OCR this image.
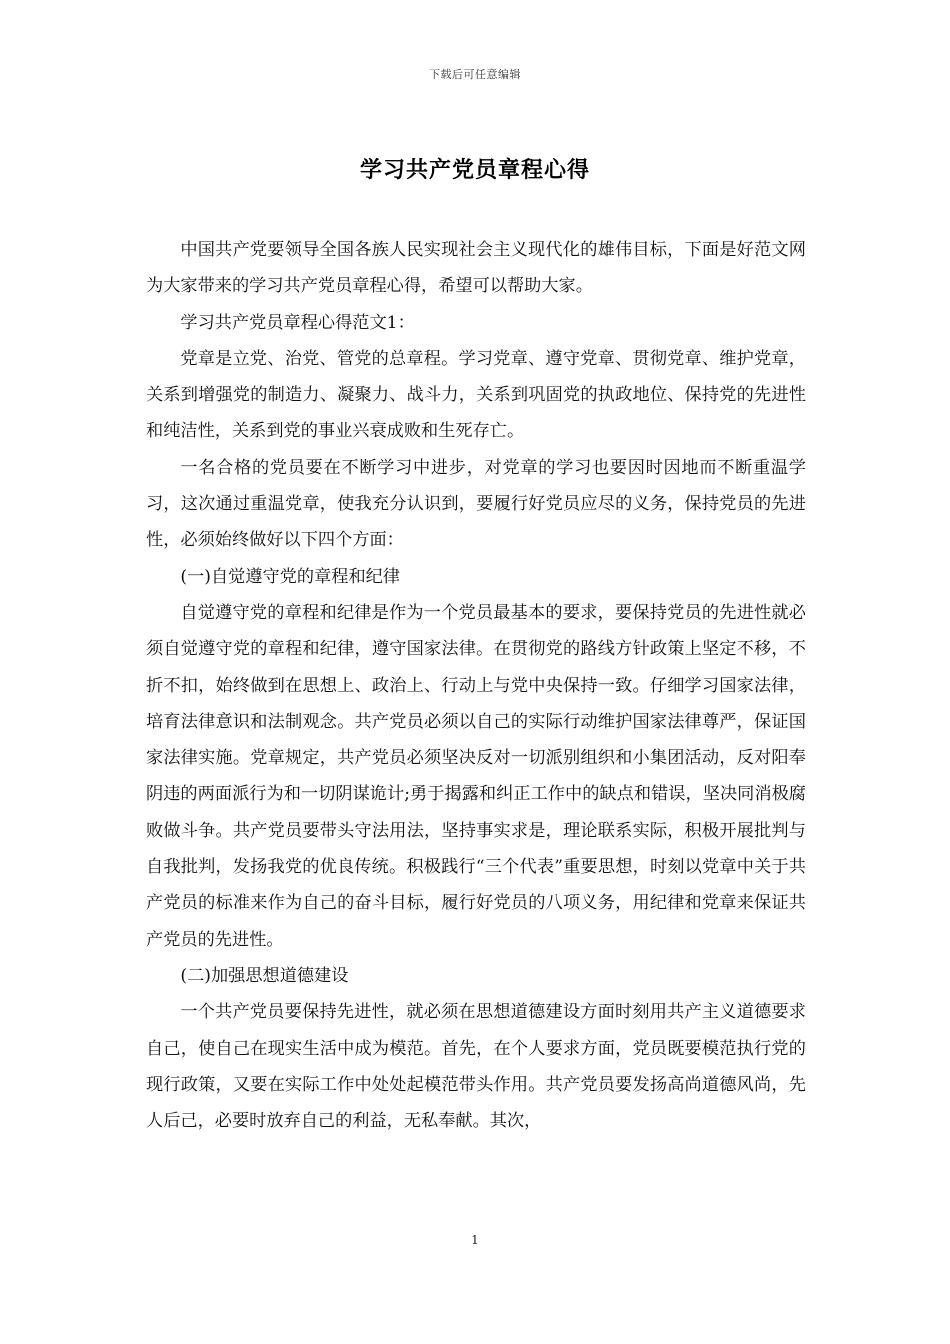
下载后可任意编辑
学习共产党员章程心得

中国共产党要领导全国各族人民实现社会主义现代化的雄伟目标，下面是好范文网为大家带来的学习共产党员章程心得，希望可以帮助大家。

学习共产党员章程心得范文1：

党章是立党、治党、管党的总章程。学习党章、遵守党章、贯彻党章、维护党章，关系到增强党的制造力、凝聚力、战斗力，关系到巩固党的执政地位、保持党的先进性和纯洁性，关系到党的事业兴衰成败和生死存亡。

一名合格的党员要在不断学习中进步，对党章的学习也要因时因地而不断重温学习，这次通过重温党章，使我充分认识到，要履行好党员应尽的义务，保持党员的先进性，必须始终做好以下四个方面：

(一)自觉遵守党的章程和纪律

自觉遵守党的章程和纪律是作为一个党员最基本的要求，要保持党员的先进性就必须自觉遵守党的章程和纪律，遵守国家法律。在贯彻党的路线方针政策上坚定不移，不折不扣，始终做到在思想上、政治上、行动上与党中央保持一致。仔细学习国家法律，培育法律意识和法制观念。共产党员必须以自己的实际行动维护国家法律尊严，保证国家法律实施。党章规定，共产党员必须坚决反对一切派别组织和小集团活动，反对阳奉阴违的两面派行为和一切阴谋诡计;勇于揭露和纠正工作中的缺点和错误，坚决同消极腐败做斗争。共产党员要带头守法用法，坚持事实求是，理论联系实际，积极开展批判与自我批判，发扬我党的优良传统。积极践行“三个代表”重要思想，时刻以党章中关于共产党员的标准来作为自己的奋斗目标，履行好党员的八项义务，用纪律和党章来保证共产党员的先进性。

(二)加强思想道德建设

一个共产党员要保持先进性，就必须在思想道德建设方面时刻用共产主义道德要求自己，使自己在现实生活中成为模范。首先，在个人要求方面，党员既要模范执行党的现行政策，又要在实际工作中处处起模范带头作用。共产党员要发扬高尚道德风尚，先人后己，必要时放弃自己的利益，无私奉献。其次，

1
